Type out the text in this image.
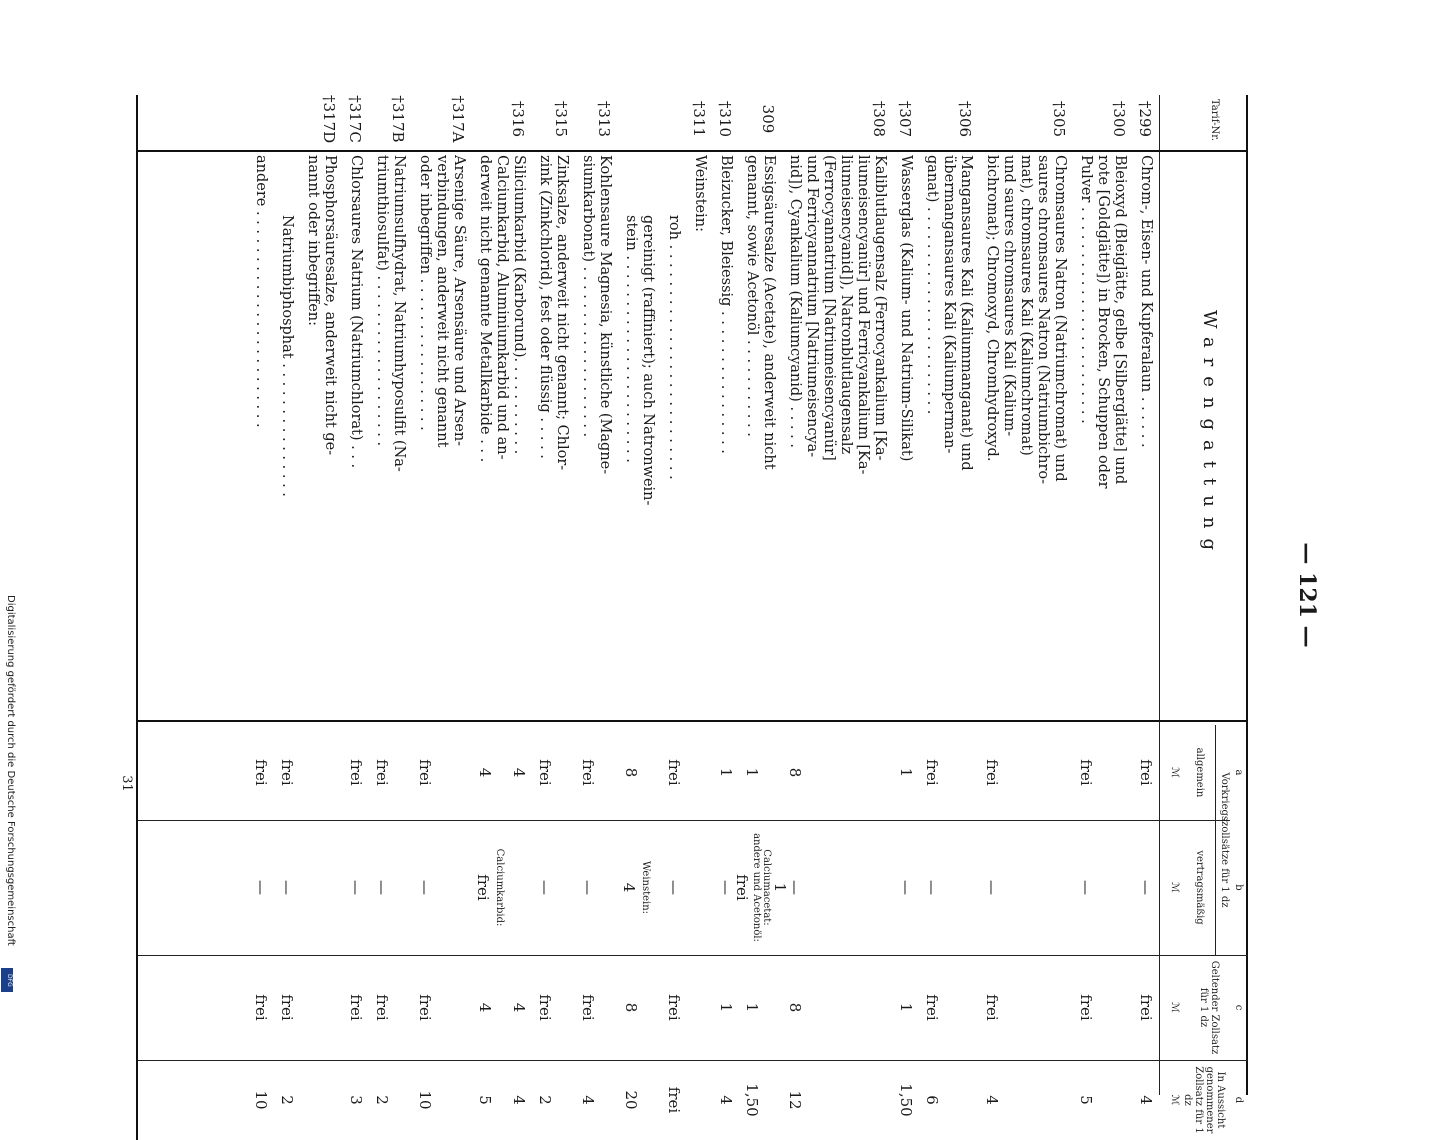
Digitalisierung gefördert durch die Deutsche Forschungsgemeinschaft
DFG
31
— 121 —
Tarif-Nr.
Warengattung
a
b
c
d
Vorkriegszollsätze für 1 dz
allgemein
vertragsmäßig
Geltender Zollsatz für 1 dz
In Aussicht genommener Zollsatz für 1 dz
ℳ
ℳ
ℳ
ℳ
†299
Chrom-, Eisen- und Kupferalaun . . . . . .
frei
—
frei
4
†300
Bleioxyd (Bleiglätte, gelbe [Silberglätte] und
rote [Goldglätte]) in Brocken, Schuppen oder
Pulver . . . . . . . . . . . . . . . . . . . . . . . .
frei
—
frei
5
†305
Chromsaures Natron (Natriumchromat) und
saures chromsaures Natron (Natriumbichro-
mat), chromsaures Kali (Kaliumchromat)
und saures chromsaures Kali (Kalium-
bichromat); Chromoxyd, Chromhydroxyd.
frei
—
frei
4
†306
Mangansaures Kali (Kaliummanganat) und
übermangansaures Kali (Kaliumperman-
ganat) . . . . . . . . . . . . . . . . . . . . . . .
frei
—
frei
6
†307
Wasserglas (Kalium- und Natrium-Silikat)
1
—
1
1,50
†308
Kaliblutlaugensalz (Ferrocyankalium [Ka-
liumeisencyanür] und Ferricyankalium [Ka-
liumeisencyanid]), Natronblutlaugensalz
(Ferrocyannatrium [Natriumeisencyanür]
und Ferricyannatrium [Natriumeisencya-
nid]), Cyankalium (Kaliumcyanid) . . . . .
8
—
8
12
309
Essigsäuresalze (Acetate), anderweit nicht
genannt, sowie Acetonöl . . . . . . . . . . .
1
Calciumacetat: 1
andere und Acetonöl:
frei
1
1,50
†310
Bleizucker, Bleiessig . . . . . . . . . . . . . . . .
1
—
1
4
†311
Weinstein:
roh . . . . . . . . . . . . . . . . . . . . . . . . . .
frei
—
frei
frei
gereinigt (raffiniert); auch Natronwein-
stein . . . . . . . . . . . . . . . . . . . . . . .
8
Weinstein:
4
8
20
†313
Kohlensaure Magnesia, künstliche (Magne-
siumkarbonat) . . . . . . . . . . . . . . . . . . .
frei
—
frei
4
†315
Zinksalze, anderweit nicht genannt; Chlor-
zink (Zinkchlorid), fest oder flüssig . . . . .
frei
—
frei
2
†316
Siliciumkarbid (Karborund). . . . . . . . . . .
Calciumkarbid, Aluminiumkarbid und an-
derweit nicht genannte Metallkarbide . . .
4
4
Calciumkarbid:
frei
4
4
4
5
†317A
Arsenige Säure, Arsensäure und Arsen-
verbindungen, anderweit nicht genannt
oder inbegriffen . . . . . . . . . . . . . . . . .
frei
—
frei
10
†317B
Natriumsulfhydrat, Natriumhyposulfit (Na-
triumthiosulfat) . . . . . . . . . . . . . . . . . . .
frei
—
frei
2
†317C
Chlorsaures Natrium (Natriumchlorat) . . .
frei
—
frei
3
†317D
Phosphorsäuresalze, anderweit nicht ge-
nannt oder inbegriffen:
Natriumbiphosphat . . . . . . . . . . . . . . .
frei
—
frei
2
andere . . . . . . . . . . . . . . . . . . . . . . . .
frei
—
frei
10
